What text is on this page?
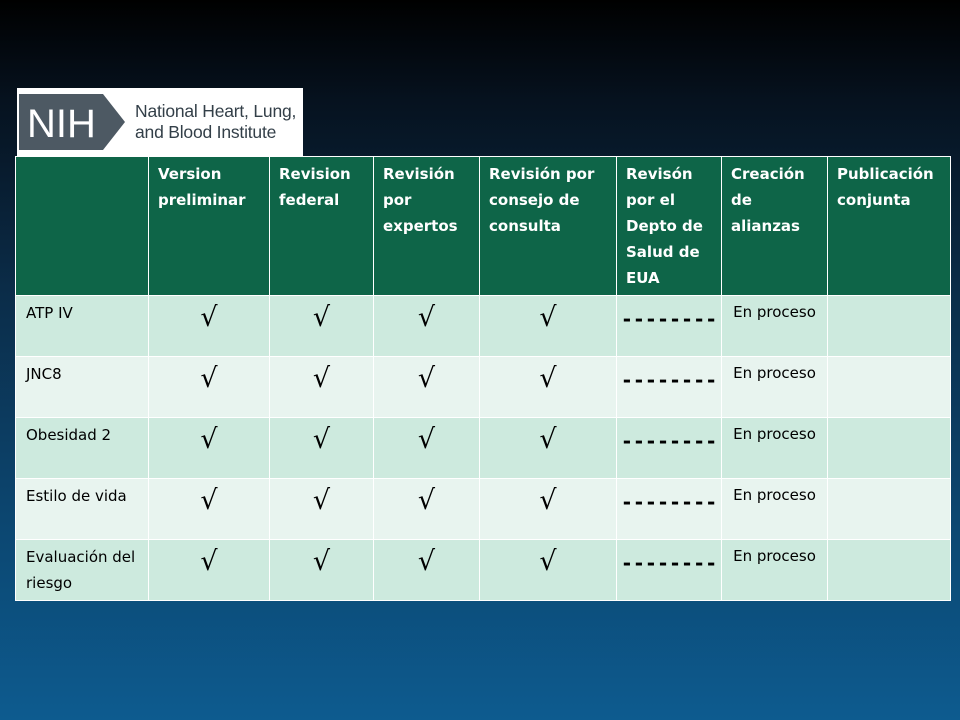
NIH National Heart, Lung,
and Blood Institute
	Version preliminar	Revision federal	Revisión por expertos	Revisión por consejo de consulta	Revisón por el Depto de Salud de EUA	Creación de alianzas	Publicación conjunta
ATP IV	√	√	√	√	--------	En proceso	
JNC8	√	√	√	√	--------	En proceso	
Obesidad 2	√	√	√	√	--------	En proceso	
Estilo de vida	√	√	√	√	--------	En proceso	
Evaluación del riesgo	√	√	√	√	--------	En proceso	
